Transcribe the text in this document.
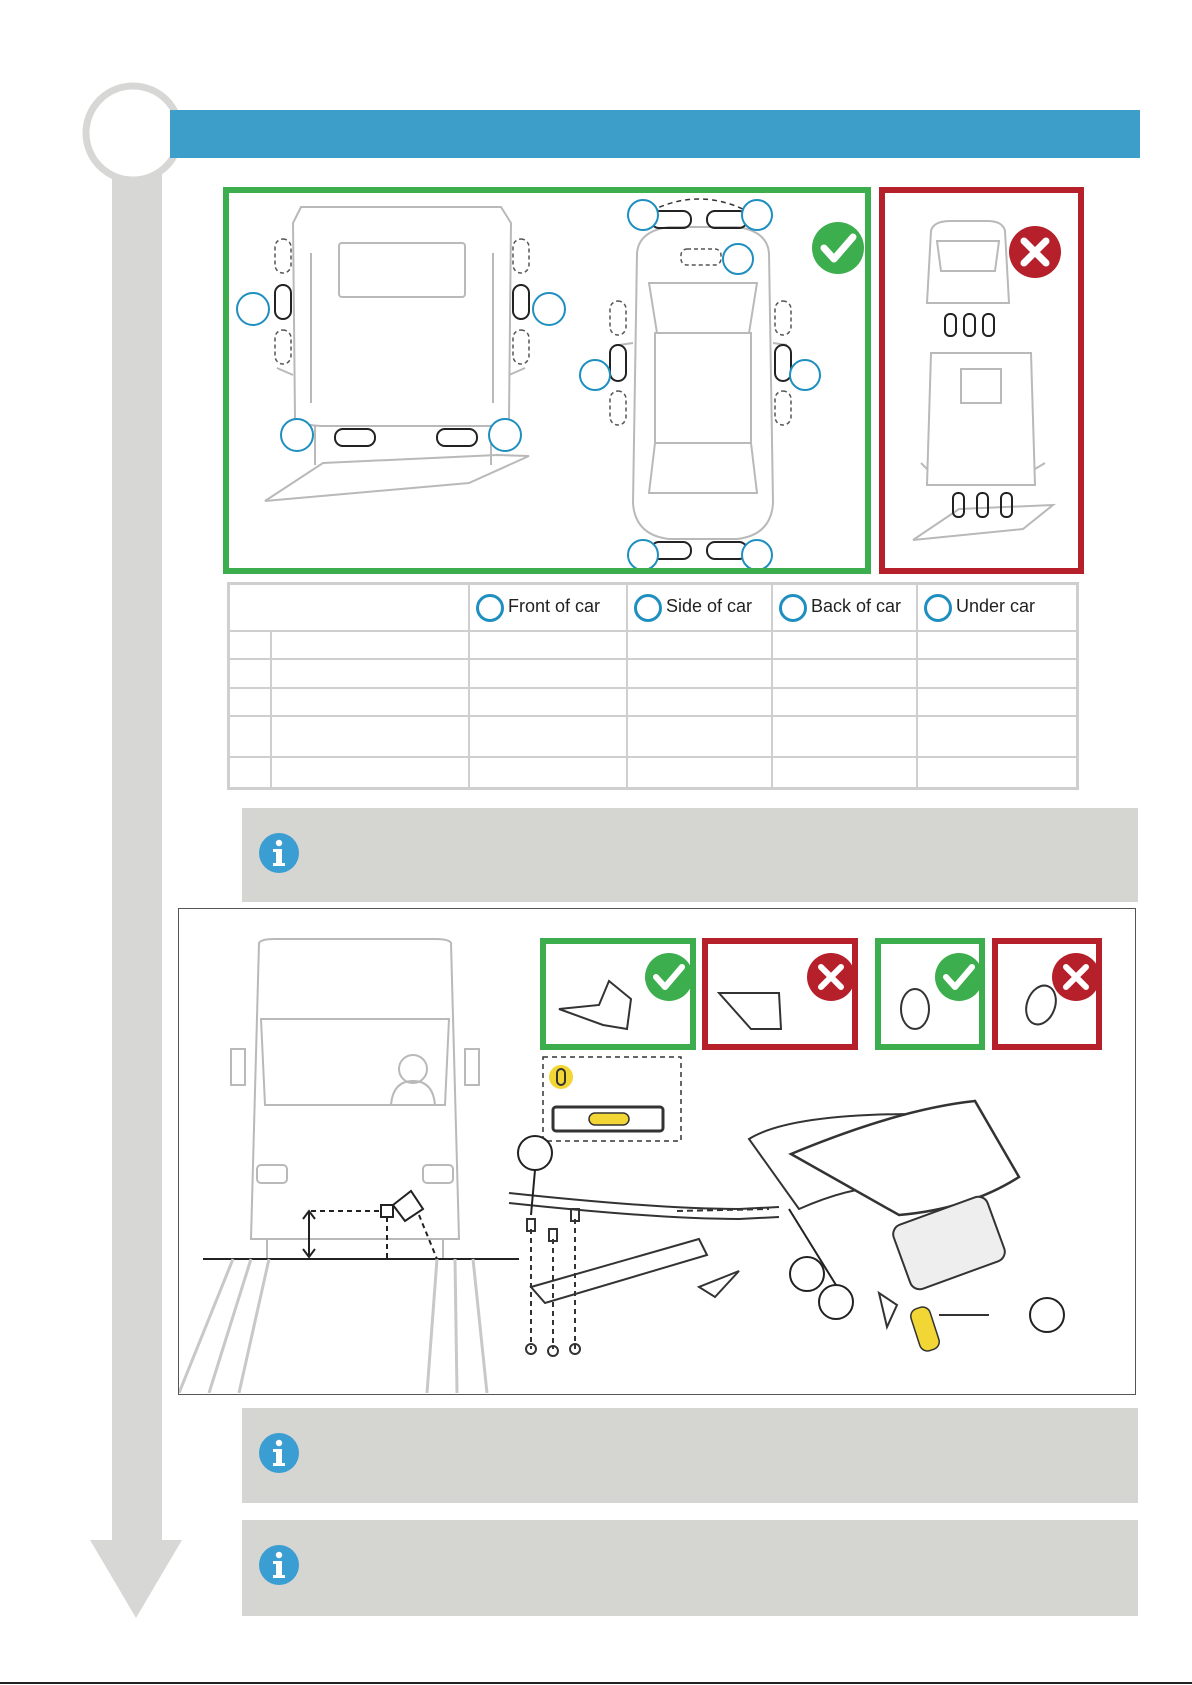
		Front of car	Side of car	Back of car	Under car
